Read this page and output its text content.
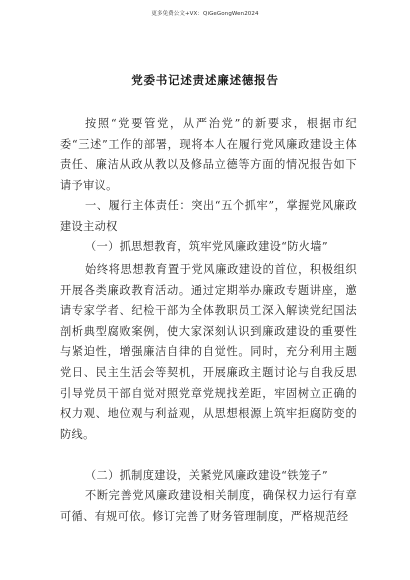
更多免费公文+VX：QiGeGongWen2024
党委书记述责述廉述德报告
按照“党要管党，从严治党”的新要求，根据市纪委“三述”工作的部署，现将本人在履行党风廉政建设主体责任、廉洁从政从教以及修品立德等方面的情况报告如下请予审议。
一、履行主体责任：突出“五个抓牢”，掌握党风廉政建设主动权
（一）抓思想教育，筑牢党风廉政建设“防火墙”
始终将思想教育置于党风廉政建设的首位，积极组织开展各类廉政教育活动。通过定期举办廉政专题讲座，邀请专家学者、纪检干部为全体教职员工深入解读党纪国法剖析典型腐败案例，使大家深刻认识到廉政建设的重要性与紧迫性，增强廉洁自律的自觉性。同时，充分利用主题党日、民主生活会等契机，开展廉政主题讨论与自我反思引导党员干部自觉对照党章党规找差距，牢固树立正确的权力观、地位观与利益观，从思想根源上筑牢拒腐防变的防线。
（二）抓制度建设，关紧党风廉政建设“铁笼子”
不断完善党风廉政建设相关制度，确保权力运行有章可循、有规可依。修订完善了财务管理制度，严格规范经
